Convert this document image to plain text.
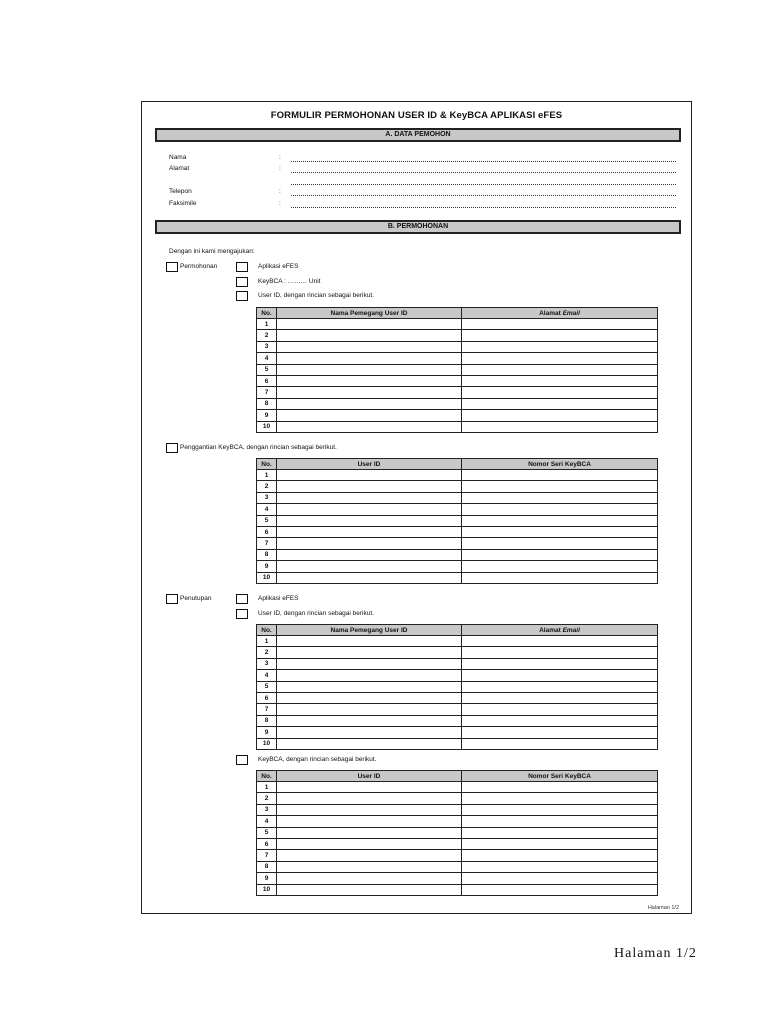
FORMULIR PERMOHONAN USER ID & KeyBCA APLIKASI eFES
A. DATA PEMOHON
Nama	:
Alamat	:
Telepon	:
Faksimile	:
B. PERMOHONAN
Dengan ini kami mengajukan:
Permohonan	Aplikasi eFES
KeyBCA : ……… Unit
User ID, dengan rincian sebagai berikut.
No.	Nama Pemegang User ID	Alamat Email
1		
2		
3		
4		
5		
6		
7		
8		
9		
10		
Penggantian KeyBCA, dengan rincian sebagai berikut.
No.	User ID	Nomor Seri KeyBCA
1		
2		
3		
4		
5		
6		
7		
8		
9		
10		
Penutupan	Aplikasi eFES
User ID, dengan rincian sebagai berikut.
No.	Nama Pemegang User ID	Alamat Email
1		
2		
3		
4		
5		
6		
7		
8		
9		
10		
KeyBCA, dengan rincian sebagai berikut.
No.	User ID	Nomor Seri KeyBCA
1		
2		
3		
4		
5		
6		
7		
8		
9		
10		
Halaman 1/2
Halaman 1/2
